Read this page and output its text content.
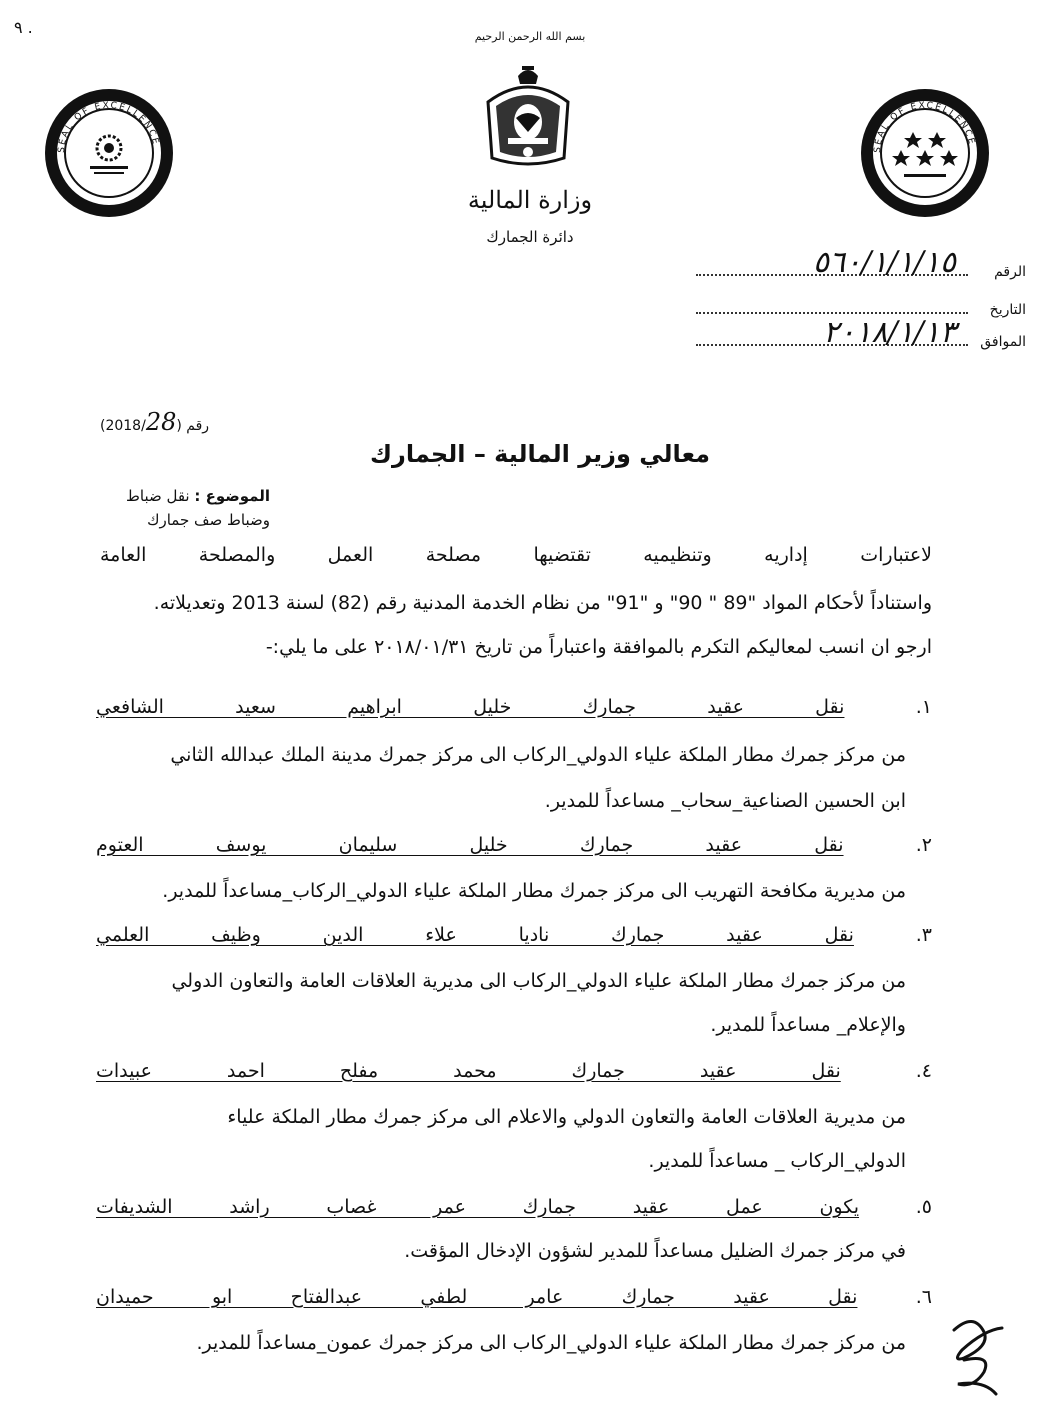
٩ .	بسم الله الرحمن الرحيم
وزارة المالية
دائرة الجمارك
SEAL OF EXCELLENCE
SEAL OF EXCELLENCE
الرقم
٥٦٠/١/١/١٥
التاريخ
الموافق
٢٠١٨/١/١٣
(2018/28) رقم
معالي وزير المالية – الجمارك
الموضوع : نقل ضباط
وضباط صف جمارك
لاعتبارات إداريه وتنظيميه تقتضيها مصلحة العمل والمصلحة العامة
واستناداً لأحكام المواد "89 " 90" و "91" من نظام الخدمة المدنية رقم (82) لسنة 2013 وتعديلاته.
ارجو ان انسب لمعاليكم التكرم بالموافقة واعتباراً من تاريخ ٢٠١٨/٠١/٣١ على ما يلي:-
١. نقل عقيد جمارك خليل ابراهيم سعيد الشافعي
من مركز جمرك مطار الملكة علياء الدولي_الركاب الى مركز جمرك مدينة الملك عبدالله الثاني
ابن الحسين الصناعية_سحاب_ مساعداً للمدير.
٢. نقل عقيد جمارك خليل سليمان يوسف العتوم
من مديرية مكافحة التهريب الى مركز جمرك مطار الملكة علياء الدولي_الركاب_مساعداً للمدير.
٣. نقل عقيد جمارك ناديا علاء الدين وظيف العلمي
من مركز جمرك مطار الملكة علياء الدولي_الركاب الى مديرية العلاقات العامة والتعاون الدولي
والإعلام_ مساعداً للمدير.
٤. نقل عقيد جمارك محمد مفلح احمد عبيدات
من مديرية العلاقات العامة والتعاون الدولي والاعلام الى مركز جمرك مطار الملكة علياء
الدولي_الركاب _ مساعداً للمدير.
٥. يكون عمل عقيد جمارك عمر غصاب راشد الشديفات
في مركز جمرك الضليل مساعداً للمدير لشؤون الإدخال المؤقت.
٦. نقل عقيد جمارك عامر لطفي عبدالفتاح ابو حميدان
من مركز جمرك مطار الملكة علياء الدولي_الركاب الى مركز جمرك عمون_مساعداً للمدير.
